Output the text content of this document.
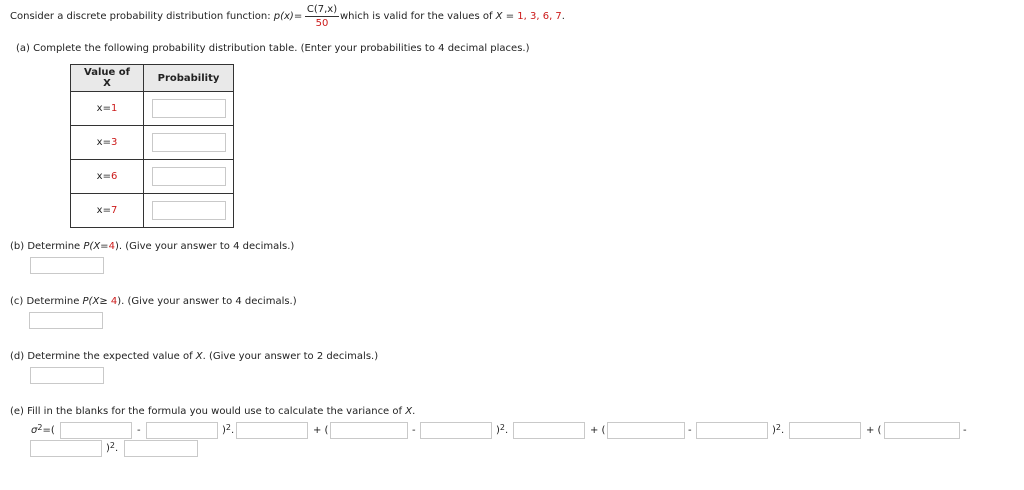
Consider a discrete probability distribution function: $p(x)= \frac{C(7,x)}{50}$ which is valid for the values of X = 1, 3, 6, 7.
(a) Complete the following probability distribution table. (Enter your probabilities to 4 decimal places.)
Value of X	Probability
x=1	
x=3	
x=6	
x=7	
(b) Determine P(X=4). (Give your answer to 4 decimals.)
(c) Determine P(X≥ 4). (Give your answer to 4 decimals.)
(d) Determine the expected value of X. (Give your answer to 2 decimals.)
(e) Fill in the blanks for the formula you would use to calculate the variance of X.
$\sigma^2=$(	-	)$^2$.	+ (	-	)$^2$.	+ (	-	)$^2$.	+ (	-
)$^2$.
